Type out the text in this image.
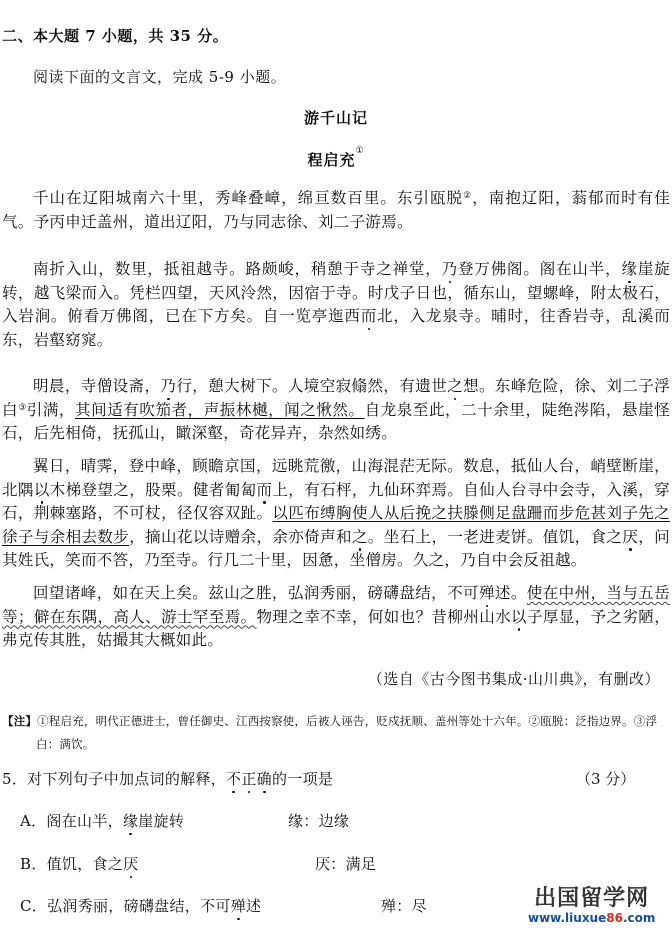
二、本大题 7 小题，共 35 分。
阅读下面的文言文，完成 5-9 小题。
游千山记
程启充①
千山在辽阳城南六十里，秀峰叠嶂，绵亘数百里。东引瓯脱②，南抱辽阳，蓊郁而时有佳气。予丙申迁盖州，道出辽阳，乃与同志徐、刘二子游焉。
南折入山，数里，抵祖越寺。路颇峻，稍憩于寺之禅堂，乃登万佛阁。阁在山半，缘崖旋转，越飞梁而入。凭栏四望，天风泠然，因宿于寺。时戊子日也，循东山，望螺峰，附太极石，入岩涧。俯看万佛阁，已在下方矣。自一览亭迤西而北，入龙泉寺。晡时，往香岩寺，乱溪而东，岩壑窈窕。
明晨，寺僧设斋，乃行，憩大树下。人境空寂翛然，有遗世之想。东峰危险，徐、刘二子浮白③引满，其间适有吹笳者，声振林樾，闻之愀然。自龙泉至此，二十余里，陡绝涔陷，悬崖怪石，后先相倚，抚孤山，瞰深壑，奇花异卉，杂然如绣。
翼日，晴霁，登中峰，顾瞻京国，远眺荒徼，山海混茫无际。数息，抵仙人台，峭壁断崖，北隅以木梯登望之，股栗。健者匍匐而上，有石枰，九仙环弈焉。自仙人台寻中会寺，入溪，穿石，荆棘塞路，不可杖，径仅容双趾。以匹布缚胸使人从后挽之扶滕侧足盘跚而步危甚刘子先之徐子与余相去数步，摘山花以诗赠余，余亦倚声和之。坐石上，一老进麦饼。值饥，食之厌，问其姓氏，笑而不答，乃至寺。行几二十里，因惫，坐僧房。久之，乃自中会反祖越。
回望诸峰，如在天上矣。兹山之胜，弘润秀丽，磅礴盘结，不可殚述。使在中州，当与五岳等；僻在东隅，高人、游士罕至焉。物理之幸不幸，何如也？昔柳州山水以子厚显，予之劣陋，弗克传其胜，姑撮其大概如此。
（选自《古今图书集成·山川典》，有删改）
【注】①程启充，明代正德进士，曾任御史、江西按察使，后被人诬告，贬戍抚顺、盖州等处十六年。②瓯脱：泛指边界。③浮
白：满饮。
5．对下列句子中加点词的解释，不正确的一项是	（3 分）
A．阁在山半，缘崖旋转	缘：边缘
B．值饥，食之厌	厌：满足
C．弘润秀丽，磅礴盘结，不可殚述	殚：尽	出国留学网
www.liuxue86.com
